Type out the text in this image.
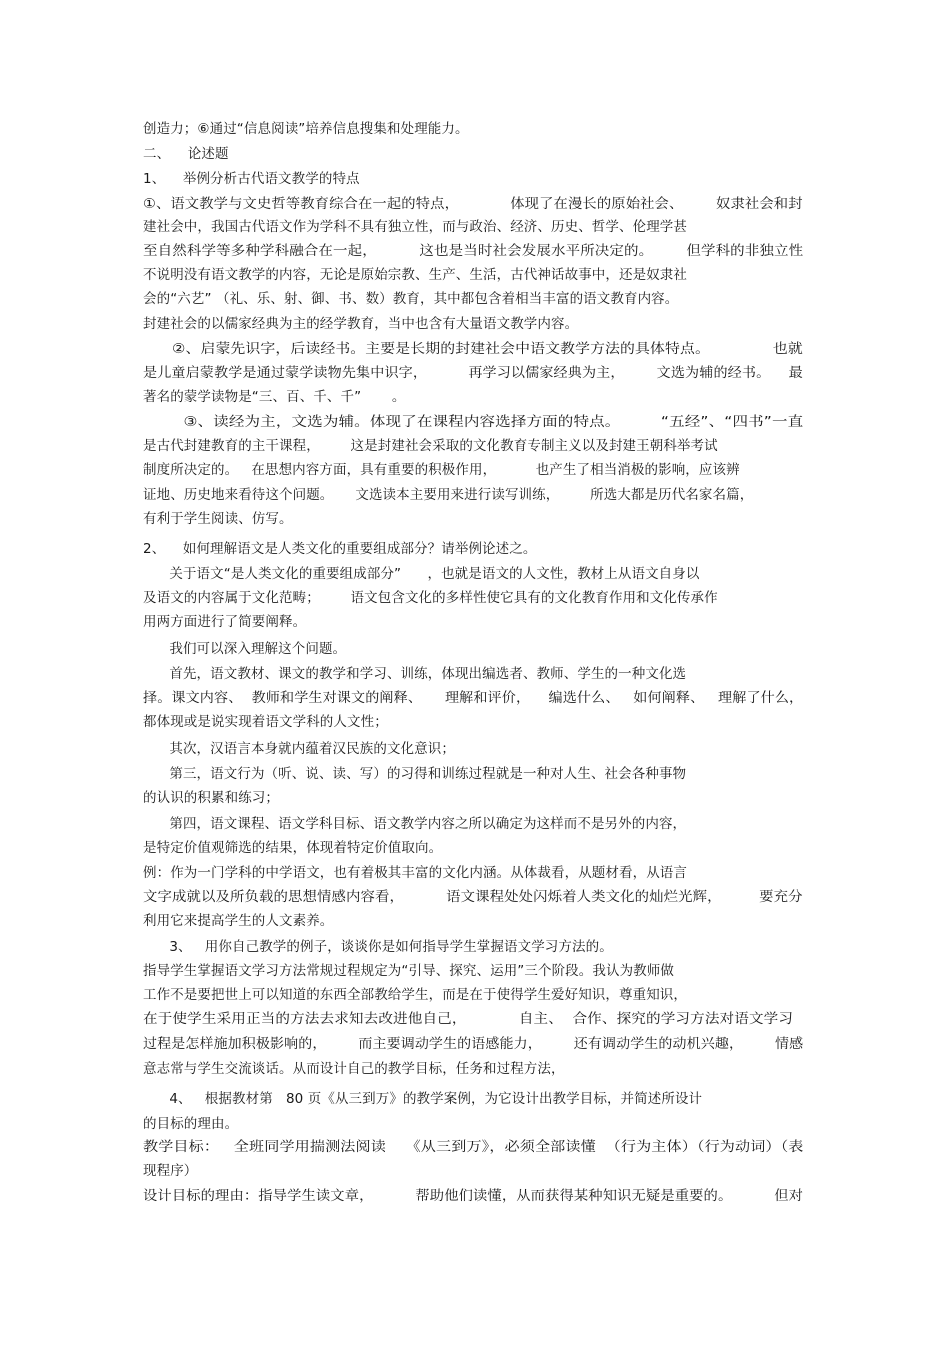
创造力；⑥通过“信息阅读”培养信息搜集和处理能力。
二、    论述题
1、    举例分析古代语文教学的特点
①、语文教学与文史哲等教育综合在一起的特点，           体现了在漫长的原始社会、       奴隶社会和封
建社会中，我国古代语文作为学科不具有独立性，而与政治、经济、历史、哲学、伦理学甚
至自然科学等多种学科融合在一起，         这也是当时社会发展水平所决定的。       但学科的非独立性
不说明没有语文教学的内容，无论是原始宗教、生产、生活，古代神话故事中，还是奴隶社
会的“六艺” （礼、乐、射、御、书、数）教育，其中都包含着相当丰富的语文教育内容。
封建社会的以儒家经典为主的经学教育，当中也含有大量语文教学内容。
②、启蒙先识字，后读经书。主要是长期的封建社会中语文教学方法的具体特点。             也就
是儿童启蒙教学是通过蒙学读物先集中识字，         再学习以儒家经典为主，       文选为辅的经书。    最
著名的蒙学读物是“三、百、千、千”       。
③、读经为主，文选为辅。体现了在课程内容选择方面的特点。        “五经”、“四书”一直
是古代封建教育的主干课程，       这是封建社会采取的文化教育专制主义以及封建王朝科举考试
制度所决定的。   在思想内容方面，具有重要的积极作用，         也产生了相当消极的影响，应该辨
证地、历史地来看待这个问题。     文选读本主要用来进行读写训练，       所选大都是历代名家名篇，
有利于学生阅读、仿写。
2、    如何理解语文是人类文化的重要组成部分？请举例论述之。
关于语文“是人类文化的重要组成部分”      ，也就是语文的人文性，教材上从语文自身以
及语文的内容属于文化范畴；       语文包含文化的多样性使它具有的文化教育作用和文化传承作
用两方面进行了简要阐释。
我们可以深入理解这个问题。
首先，语文教材、课文的教学和学习、训练，体现出编选者、教师、学生的一种文化选
择。课文内容、  教师和学生对课文的阐释、     理解和评价，    编选什么、   如何阐释、   理解了什么，
都体现或是说实现着语文学科的人文性；
其次，汉语言本身就内蕴着汉民族的文化意识；
第三，语文行为（听、说、读、写）的习得和训练过程就是一种对人生、社会各种事物
的认识的积累和练习；
第四，语文课程、语文学科目标、语文教学内容之所以确定为这样而不是另外的内容，
是特定价值观筛选的结果，体现着特定价值取向。
例：作为一门学科的中学语文，也有着极其丰富的文化内涵。从体裁看，从题材看，从语言
文字成就以及所负载的思想情感内容看，         语文课程处处闪烁着人类文化的灿烂光辉，        要充分
利用它来提高学生的人文素养。
3、   用你自己教学的例子，谈谈你是如何指导学生掌握语文学习方法的。
指导学生掌握语文学习方法常规过程规定为“引导、探究、运用”三个阶段。我认为教师做
工作不是要把世上可以知道的东西全部教给学生，而是在于使得学生爱好知识，尊重知识，
在于使学生采用正当的方法去求知去改进他自己，           自主、  合作、探究的学习方法对语文学习
过程是怎样施加积极影响的，       而主要调动学生的语感能力，       还有调动学生的动机兴趣，       情感
意志常与学生交流谈话。从而设计自己的教学目标，任务和过程方法，
4、   根据教材第   80 页《从三到万》的教学案例，为它设计出教学目标，并简述所设计
的目标的理由。
教学目标：   全班同学用揣测法阅读    《从三到万》，必须全部读懂  （行为主体）（行为动词）（表
现程序）
设计目标的理由：指导学生读文章，         帮助他们读懂，从而获得某种知识无疑是重要的。         但对
